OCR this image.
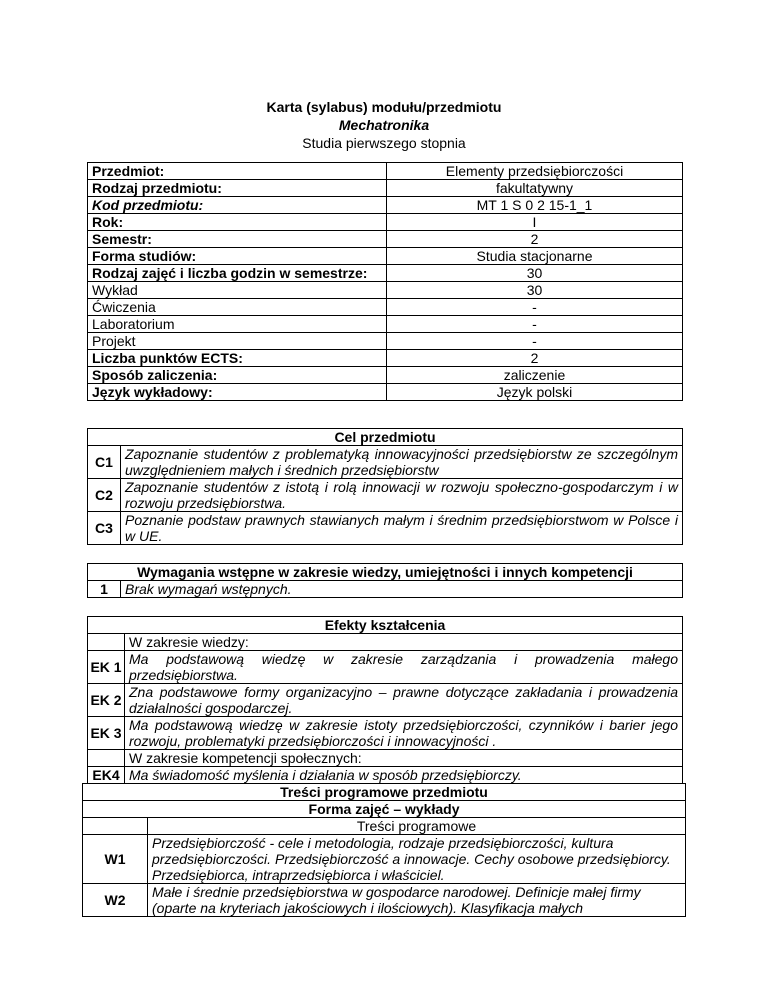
Karta (sylabus) modułu/przedmiotu
Mechatronika
Studia pierwszego stopnia
Przedmiot:	Elementy przedsiębiorczości
Rodzaj przedmiotu:	fakultatywny
Kod przedmiotu:	MT 1 S 0 2 15-1_1
Rok:	I
Semestr:	2
Forma studiów:	Studia stacjonarne
Rodzaj zajęć i liczba godzin w semestrze:	30
Wykład	30
Ćwiczenia	-
Laboratorium	-
Projekt	-
Liczba punktów ECTS:	2
Sposób zaliczenia:	zaliczenie
Język wykładowy:	Język polski
Cel przedmiotu	
C1	Zapoznanie studentów z problematyką innowacyjności przedsiębiorstw ze szczególnym uwzględnieniem małych i średnich przedsiębiorstw
C2	Zapoznanie studentów z istotą i rolą innowacji w rozwoju społeczno-gospodarczym i w rozwoju przedsiębiorstwa.
C3	Poznanie podstaw prawnych stawianych małym i średnim przedsiębiorstwom w Polsce i w UE.
Wymagania wstępne w zakresie wiedzy, umiejętności i innych kompetencji
1	Brak wymagań wstępnych.
Efekty kształcenia	
	W zakresie wiedzy:
EK 1	Ma podstawową wiedzę w zakresie zarządzania i prowadzenia małego przedsiębiorstwa.
EK 2	Zna podstawowe formy organizacyjno – prawne dotyczące zakładania i prowadzenia działalności gospodarczej.
EK 3	Ma podstawową wiedzę w zakresie istoty przedsiębiorczości, czynników i barier jego rozwoju, problematyki przedsiębiorczości i innowacyjności .
	W zakresie kompetencji społecznych:
EK4	Ma świadomość myślenia i działania w sposób przedsiębiorczy.
Treści programowe przedmiotu	
Forma zajęć – wykłady	
	Treści programowe
W1	Przedsiębiorczość - cele i metodologia, rodzaje przedsiębiorczości, kultura przedsiębiorczości. Przedsiębiorczość a innowacje. Cechy osobowe przedsiębiorcy. Przedsiębiorca, intraprzedsiębiorca i właściciel.
W2	Małe i średnie przedsiębiorstwa w gospodarce narodowej. Definicje małej firmy (oparte na kryteriach jakościowych i ilościowych). Klasyfikacja małych
